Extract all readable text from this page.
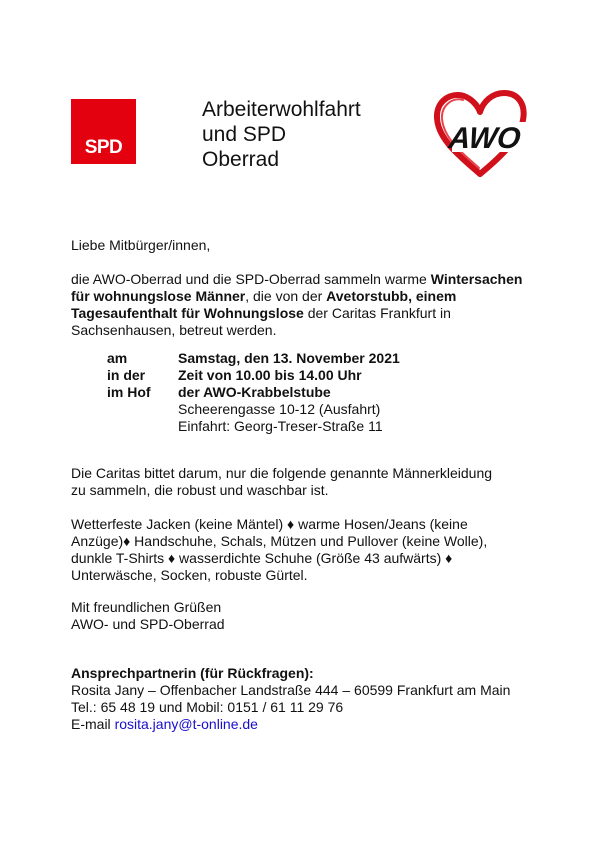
SPD
Arbeiterwohlfahrt
und SPD
Oberrad
AWO
Liebe Mitbürger/innen,
die AWO-Oberrad und die SPD-Oberrad sammeln warme Wintersachen
für wohnungslose Männer, die von der Avetorstubb, einem
Tagesaufenthalt für Wohnungslose der Caritas Frankfurt in
Sachsenhausen, betreut werden.
am	Samstag, den 13. November 2021
in der	Zeit von 10.00 bis 14.00 Uhr
im Hof	der AWO-Krabbelstube
Scheerengasse 10-12 (Ausfahrt)
Einfahrt: Georg-Treser-Straße 11
Die Caritas bittet darum, nur die folgende genannte Männerkleidung
zu sammeln, die robust und waschbar ist.
Wetterfeste Jacken (keine Mäntel) ♦ warme Hosen/Jeans (keine
Anzüge)♦ Handschuhe, Schals, Mützen und Pullover (keine Wolle),
dunkle T-Shirts ♦ wasserdichte Schuhe (Größe 43 aufwärts) ♦
Unterwäsche, Socken, robuste Gürtel.
Mit freundlichen Grüßen
AWO- und SPD-Oberrad
Ansprechpartnerin (für Rückfragen):
Rosita Jany – Offenbacher Landstraße 444 – 60599 Frankfurt am Main
Tel.: 65 48 19 und Mobil: 0151 / 61 11 29 76
E-mail rosita.jany@t-online.de
